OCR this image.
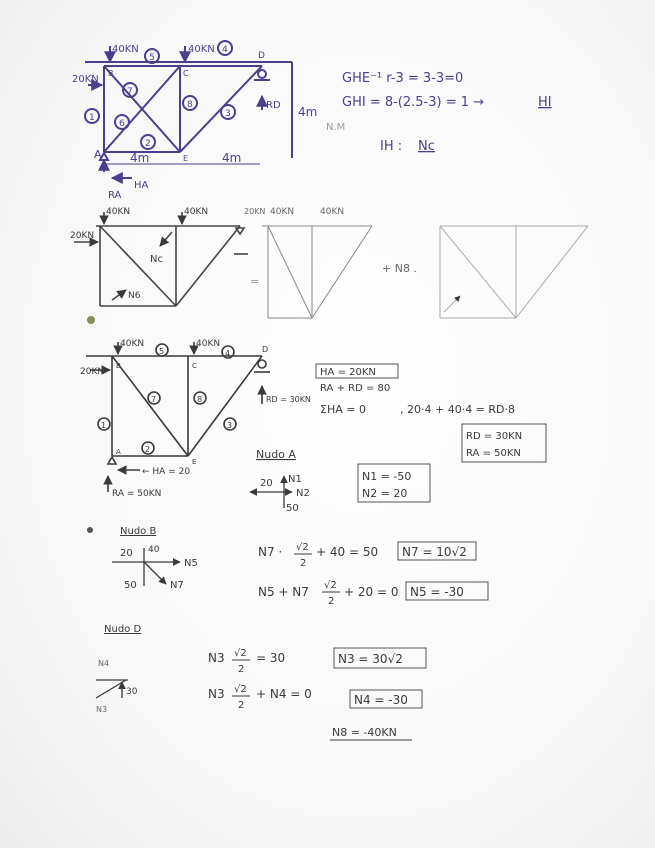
40KN	40KN
20KN
A
B	C
D
E
1
2
3
4
5
6
7
8
4m	4m
4m
RD
RA
HA
GHE⁻¹ r-3 = 3-3=0
GHI = 8-(2.5-3) = 1 →	HI
N.M
IH : Nc
40KN	40KN
20KN
Nc
N6
20KN 40KN	40KN
+ N8 .
=
40KN	40KN
20KN
5	4
7	8
1	3
2
B	C
D
A
E
← HA = 20
RA = 50KN
RD = 30KN
HA = 20KN
RA + RD = 80
ΣHA = 0	, 20·4 + 40·4 = RD·8
RD = 30KN
RA = 50KN
Nudo A
20 N1
N2
50
N1 = -50
N2 = 20
Nudo B
20 40
N5
50	N7
N7 · √2
2
+ 40 = 50 N7 = 10√2
N5 + N7 √2
2
+ 20 = 0 N5 = -30
Nudo D
N4
30
N3
N3 √2
2
= 30	N3 = 30√2
N3 √2
2
+ N4 = 0	N4 = -30
N8 = -40KN
